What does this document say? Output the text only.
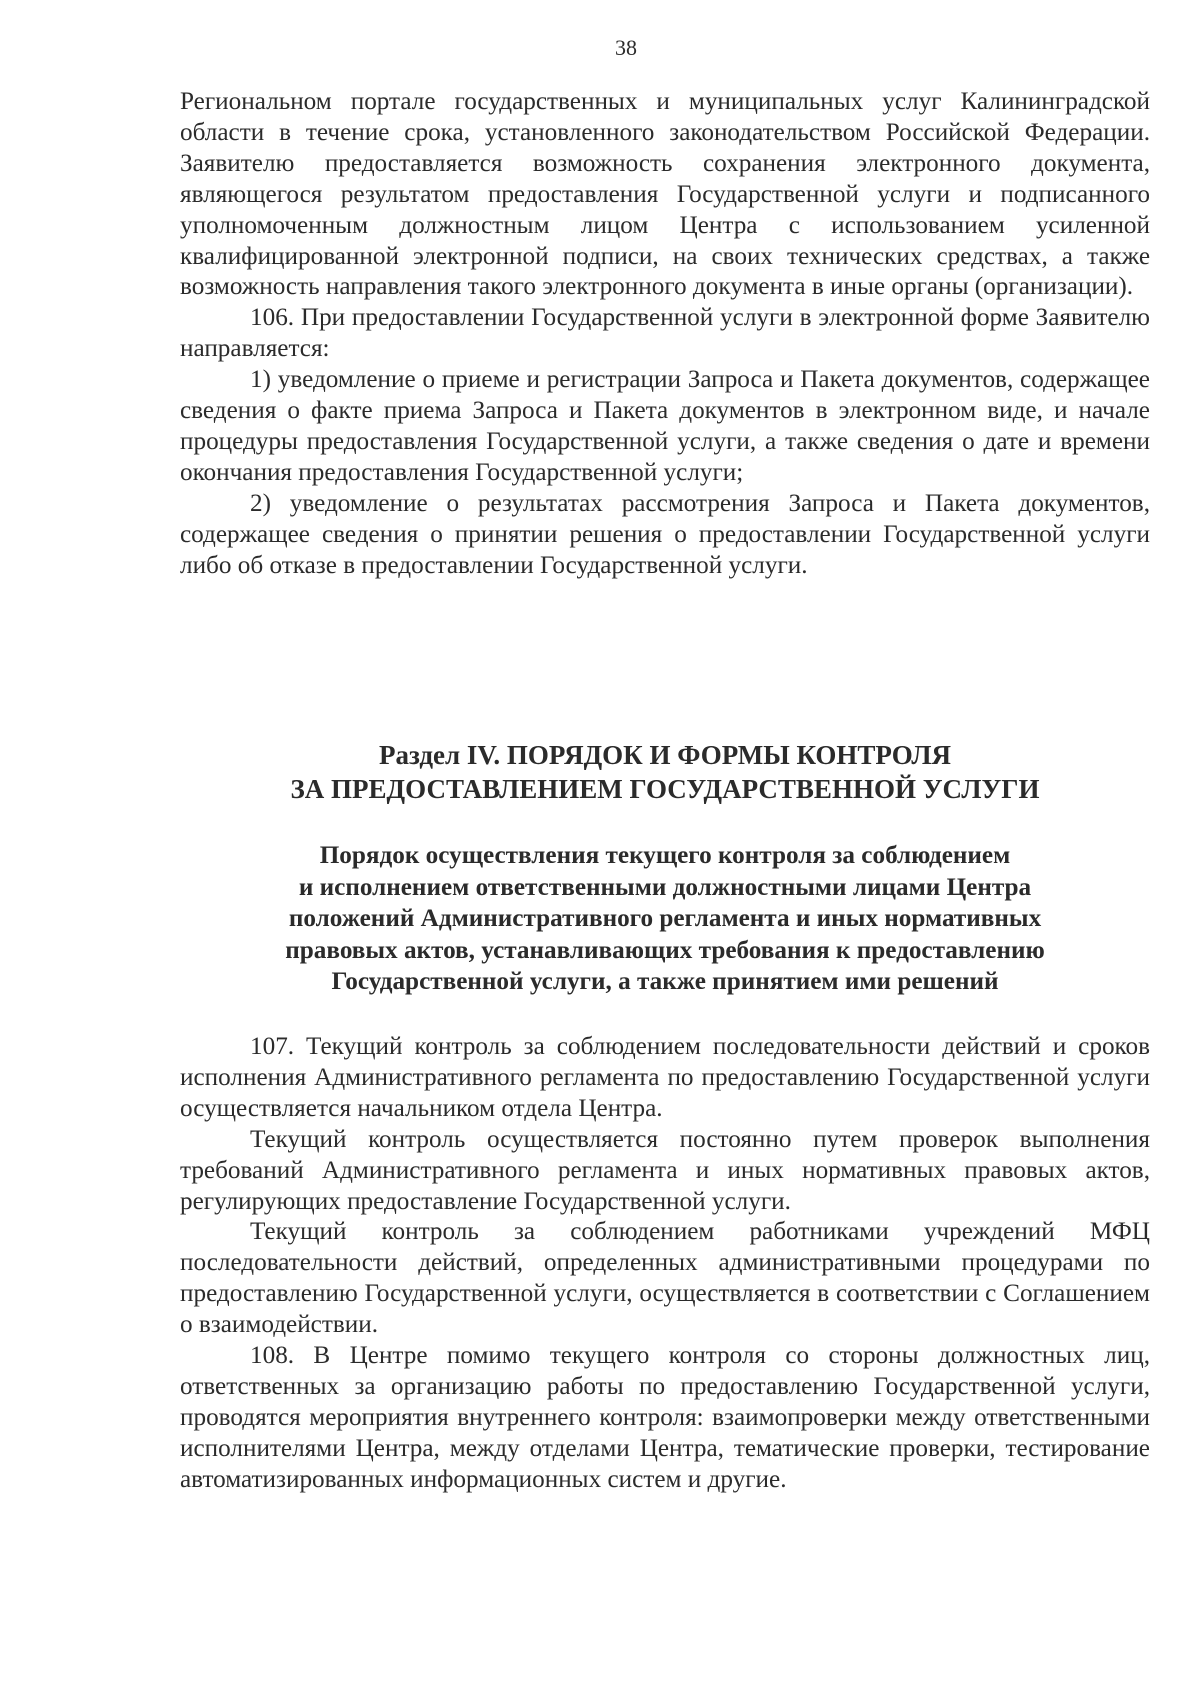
38

Региональном портале государственных и муниципальных услуг Калининградской области в течение срока, установленного законодательством Российской Федерации. Заявителю предоставляется возможность сохранения электронного документа, являющегося результатом предоставления Государственной услуги и подписанного уполномоченным должностным лицом Центра с использованием усиленной квалифицированной электронной подписи, на своих технических средствах, а также возможность направления такого электронного документа в иные органы (организации).

106. При предоставлении Государственной услуги в электронной форме Заявителю направляется:

1) уведомление о приеме и регистрации Запроса и Пакета документов, содержащее сведения о факте приема Запроса и Пакета документов в электронном виде, и начале процедуры предоставления Государственной услуги, а также сведения о дате и времени окончания предоставления Государственной услуги;

2) уведомление о результатах рассмотрения Запроса и Пакета документов, содержащее сведения о принятии решения о предоставлении Государственной услуги либо об отказе в предоставлении Государственной услуги.

Раздел IV. ПОРЯДОК И ФОРМЫ КОНТРОЛЯ
ЗА ПРЕДОСТАВЛЕНИЕМ ГОСУДАРСТВЕННОЙ УСЛУГИ
Порядок осуществления текущего контроля за соблюдением
и исполнением ответственными должностными лицами Центра
положений Административного регламента и иных нормативных
правовых актов, устанавливающих требования к предоставлению
Государственной услуги, а также принятием ими решений

107. Текущий контроль за соблюдением последовательности действий и сроков исполнения Административного регламента по предоставлению Государственной услуги осуществляется начальником отдела Центра.

Текущий контроль осуществляется постоянно путем проверок выполнения требований Административного регламента и иных нормативных правовых актов, регулирующих предоставление Государственной услуги.

Текущий контроль за соблюдением работниками учреждений МФЦ последовательности действий, определенных административными процедурами по предоставлению Государственной услуги, осуществляется в соответствии с Соглашением о взаимодействии.

108. В Центре помимо текущего контроля со стороны должностных лиц, ответственных за организацию работы по предоставлению Государственной услуги, проводятся мероприятия внутреннего контроля: взаимопроверки между ответственными исполнителями Центра, между отделами Центра, тематические проверки, тестирование автоматизированных информационных систем и другие.
